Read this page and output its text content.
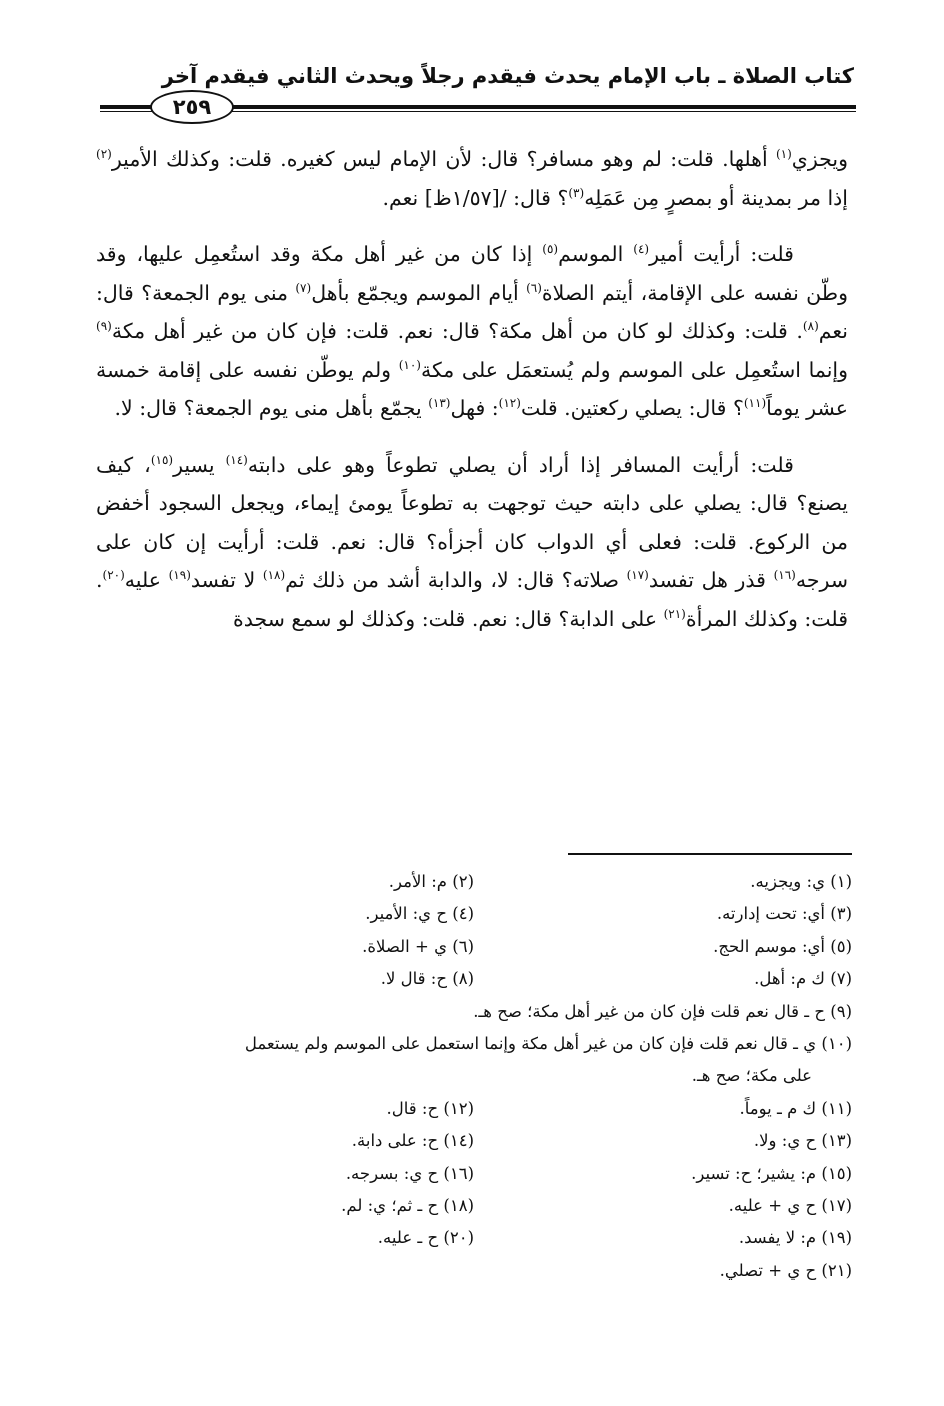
كتاب الصلاة ـ باب الإمام يحدث فيقدم رجلاً ويحدث الثاني فيقدم آخر
٢٥٩

ويجزي$^{(١)}$ أهلها. قلت: لم وهو مسافر؟ قال: لأن الإمام ليس كغيره. قلت: وكذلك الأمير$^{(٢)}$ إذا مر بمدينة أو بمصرٍ مِن عَمَلِه$^{(٣)}$؟ قال: /[١/٥٧ظ] نعم.

قلت: أرأيت أمير$^{(٤)}$ الموسم$^{(٥)}$ إذا كان من غير أهل مكة وقد استُعمِل عليها، وقد وطّن نفسه على الإقامة، أيتم الصلاة$^{(٦)}$ أيام الموسم ويجمّع بأهل$^{(٧)}$ منى يوم الجمعة؟ قال: نعم$^{(٨)}$. قلت: وكذلك لو كان من أهل مكة؟ قال: نعم. قلت: فإن كان من غير أهل مكة$^{(٩)}$ وإنما استُعمِل على الموسم ولم يُستعمَل على مكة$^{(١٠)}$ ولم يوطّن نفسه على إقامة خمسة عشر يوماً$^{(١١)}$؟ قال: يصلي ركعتين. قلت$^{(١٢)}$: فهل$^{(١٣)}$ يجمّع بأهل منى يوم الجمعة؟ قال: لا.

قلت: أرأيت المسافر إذا أراد أن يصلي تطوعاً وهو على دابته$^{(١٤)}$ يسير$^{(١٥)}$، كيف يصنع؟ قال: يصلي على دابته حيث توجهت به تطوعاً يومئ إيماء، ويجعل السجود أخفض من الركوع. قلت: فعلى أي الدواب كان أجزأه؟ قال: نعم. قلت: أرأيت إن كان على سرجه$^{(١٦)}$ قذر هل تفسد$^{(١٧)}$ صلاته؟ قال: لا، والدابة أشد من ذلك ثم$^{(١٨)}$ لا تفسد$^{(١٩)}$ عليه$^{(٢٠)}$. قلت: وكذلك المرأة$^{(٢١)}$ على الدابة؟ قال: نعم. قلت: وكذلك لو سمع سجدة

(١) ي: ويجزيه.
(٢) م: الأمر.
(٣) أي: تحت إدارته.
(٤) ح ي: الأمير.
(٥) أي: موسم الحج.
(٦) ي + الصلاة.
(٧) ك م: أهل.
(٨) ح: قال لا.
(٩) ح ـ قال نعم قلت فإن كان من غير أهل مكة؛ صح هـ.
(١٠) ي ـ قال نعم قلت فإن كان من غير أهل مكة وإنما استعمل على الموسم ولم يستعمل
على مكة؛ صح هـ.
(١١) ك م ـ يوماً.
(١٢) ح: قال.
(١٣) ح ي: ولا.
(١٤) ح: على دابة.
(١٥) م: يشير؛ ح: تسير.
(١٦) ح ي: بسرجه.
(١٧) ح ي + عليه.
(١٨) ح ـ ثم؛ ي: لم.
(١٩) م: لا يفسد.
(٢٠) ح ـ عليه.
(٢١) ح ي + تصلي.
